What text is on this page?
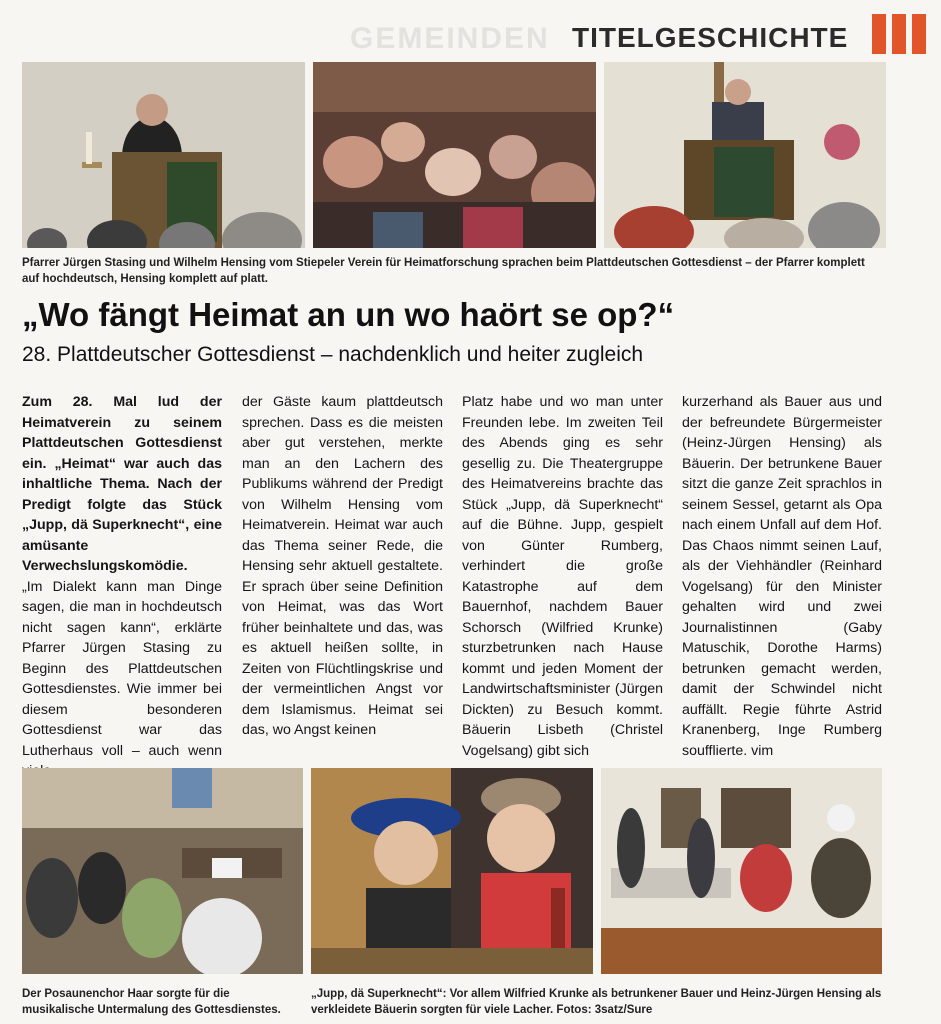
GEMEINDEN TITELGESCHICHTE
Pfarrer Jürgen Stasing und Wilhelm Hensing vom Stiepeler Verein für Heimatforschung sprachen beim Plattdeutschen Gottesdienst – der Pfarrer komplett auf hochdeutsch, Hensing komplett auf platt.
„Wo fängt Heimat an un wo haört se op?“
28. Plattdeutscher Gottesdienst – nachdenklich und heiter zugleich

Zum 28. Mal lud der Heimatverein zu seinem Plattdeutschen Gottesdienst ein. „Heimat“ war auch das inhaltliche Thema. Nach der Predigt folgte das Stück „Jupp, dä Superknecht“, eine amüsante Verwechslungskomödie.

„Im Dialekt kann man Dinge sagen, die man in hochdeutsch nicht sagen kann“, erklärte Pfarrer Jürgen Stasing zu Beginn des Plattdeutschen Gottesdienstes. Wie immer bei diesem besonderen Gottesdienst war das Lutherhaus voll – auch wenn

der Gäste kaum plattdeutsch sprechen. Dass es die meisten aber gut verstehen, merkte man an den Lachern des Publikums während der Predigt von Wilhelm Hensing vom Heimatverein. Heimat war auch das Thema seiner Rede, die Hensing sehr aktuell gestaltete. Er sprach über seine Definition von Heimat, was das Wort früher beinhaltete und das, was es aktuell heißen sollte, in Zeiten von Flüchtlingskrise und der vermeintlichen Angst vor dem Islamismus. Heimat sei das, wo Angst keinen

Platz habe und wo man unter Freunden lebe. Im zweiten Teil des Abends ging es sehr gesellig zu. Die Theatergruppe des Heimatvereins brachte das Stück „Jupp, dä Superknecht“ auf die Bühne. Jupp, gespielt von Günter Rumberg, verhindert die große Katastrophe auf dem Bauernhof, nachdem Bauer Schorsch (Wilfried Krunke) sturzbetrunken nach Hause kommt und jeden Moment der Landwirtschaftsminister (Jürgen Dickten) zu Besuch kommt. Bäuerin Lisbeth (Christel Vogelsang) gibt sich

kurzerhand als Bauer aus und der befreundete Bürgermeister (Heinz-Jürgen Hensing) als Bäuerin. Der betrunkene Bauer sitzt die ganze Zeit sprachlos in seinem Sessel, getarnt als Opa nach einem Unfall auf dem Hof. Das Chaos nimmt seinen Lauf, als der Viehhändler (Reinhard Vogelsang) für den Minister gehalten wird und zwei Journalistinnen (Gaby Matuschik, Dorothe Harms) betrunken gemacht werden, damit der Schwindel nicht auffällt. Regie führte Astrid Kranenberg, Inge Rumberg soufflierte. vim

Der Posaunenchor Haar sorgte für die musikalische Untermalung des Gottesdienstes.
„Jupp, dä Superknecht“: Vor allem Wilfried Krunke als betrunkener Bauer und Heinz-Jürgen Hensing als verkleidete Bäuerin sorgten für viele Lacher. Fotos: 3satz/Sure
